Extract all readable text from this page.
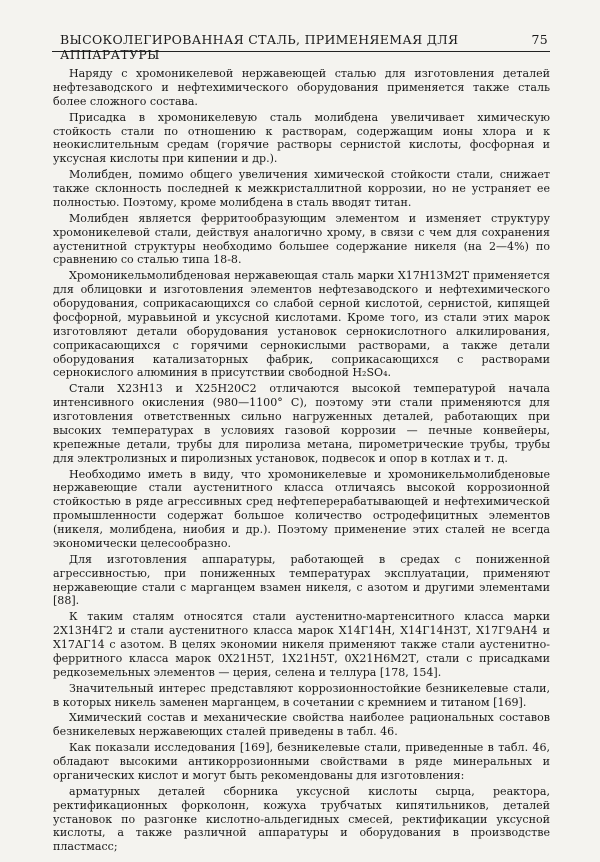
ВЫСОКОЛЕГИРОВАННАЯ СТАЛЬ, ПРИМЕНЯЕМАЯ ДЛЯ АППАРАТУРЫ
75

Наряду с хромоникелевой нержавеющей сталью для изготовления деталей нефтезаводского и нефтехимического оборудования применяется также сталь более сложного состава.

Присадка в хромоникелевую сталь молибдена увеличивает химическую стойкость стали по отношению к растворам, содержащим ионы хлора и к неокислительным средам (горячие растворы сернистой кислоты, фосфорная и уксусная кислоты при кипении и др.).

Молибден, помимо общего увеличения химической стойкости стали, снижает также склонность последней к межкристаллитной коррозии, но не устраняет ее полностью. Поэтому, кроме молибдена в сталь вводят титан.

Молибден является ферритообразующим элементом и изменяет структуру хромоникелевой стали, действуя аналогично хрому, в связи с чем для сохранения аустенитной структуры необходимо большее содержание никеля (на 2—4%) по сравнению со сталью типа 18-8.

Хромоникельмолибденовая нержавеющая сталь марки Х17Н13М2Т применяется для облицовки и изготовления элементов нефтезаводского и нефтехимического оборудования, соприкасающихся со слабой серной кислотой, сернистой, кипящей фосфорной, муравьиной и уксусной кислотами. Кроме того, из стали этих марок изготовляют детали оборудования установок сернокислотного алкилирования, соприкасающихся с горячими сернокислыми растворами, а также детали оборудования катализаторных фабрик, соприкасающихся с растворами сернокислого алюминия в присутствии свободной H₂SO₄.

Стали Х23Н13 и Х25Н20С2 отличаются высокой температурой начала интенсивного окисления (980—1100° С), поэтому эти стали применяются для изготовления ответственных сильно нагруженных деталей, работающих при высоких температурах в условиях газовой коррозии — печные конвейеры, крепежные детали, трубы для пиролиза метана, пирометрические трубы, трубы для электролизных и пиролизных установок, подвесок и опор в котлах и т. д.

Необходимо иметь в виду, что хромоникелевые и хромоникельмолибденовые нержавеющие стали аустенитного класса отличаясь высокой коррозионной стойкостью в ряде агрессивных сред нефтеперерабатывающей и нефтехимической промышленности содержат большое количество остродефицитных элементов (никеля, молибдена, ниобия и др.). Поэтому применение этих сталей не всегда экономически целесообразно.

Для изготовления аппаратуры, работающей в средах с пониженной агрессивностью, при пониженных температурах эксплуатации, применяют нержавеющие стали с марганцем взамен никеля, с азотом и другими элементами [88].

К таким сталям относятся стали аустенитно-мартенситного класса марки 2Х13Н4Г2 и стали аустенитного класса марок Х14Г14Н, Х14Г14Н3Т, Х17Г9АН4 и Х17АГ14 с азотом. В целях экономии никеля применяют также стали аустенитно-ферритного класса марок 0Х21Н5Т, 1Х21Н5Т, 0Х21Н6М2Т, стали с присадками редкоземельных элементов — церия, селена и теллура [178, 154].

Значительный интерес представляют коррозионностойкие безникелевые стали, в которых никель заменен марганцем, в сочетании с кремнием и титаном [169].

Химический состав и механические свойства наиболее рациональных составов безникелевых нержавеющих сталей приведены в табл. 46.

Как показали исследования [169], безникелевые стали, приведенные в табл. 46, обладают высокими антикоррозионными свойствами в ряде минеральных и органических кислот и могут быть рекомендованы для изготовления:

арматурных деталей сборника уксусной кислоты сырца, реактора, ректификационных форколонн, кожуха трубчатых кипятильников, деталей установок по разгонке кислотно-альдегидных смесей, ректификации уксусной кислоты, а также различной аппаратуры и оборудования в производстве пластмасс;
